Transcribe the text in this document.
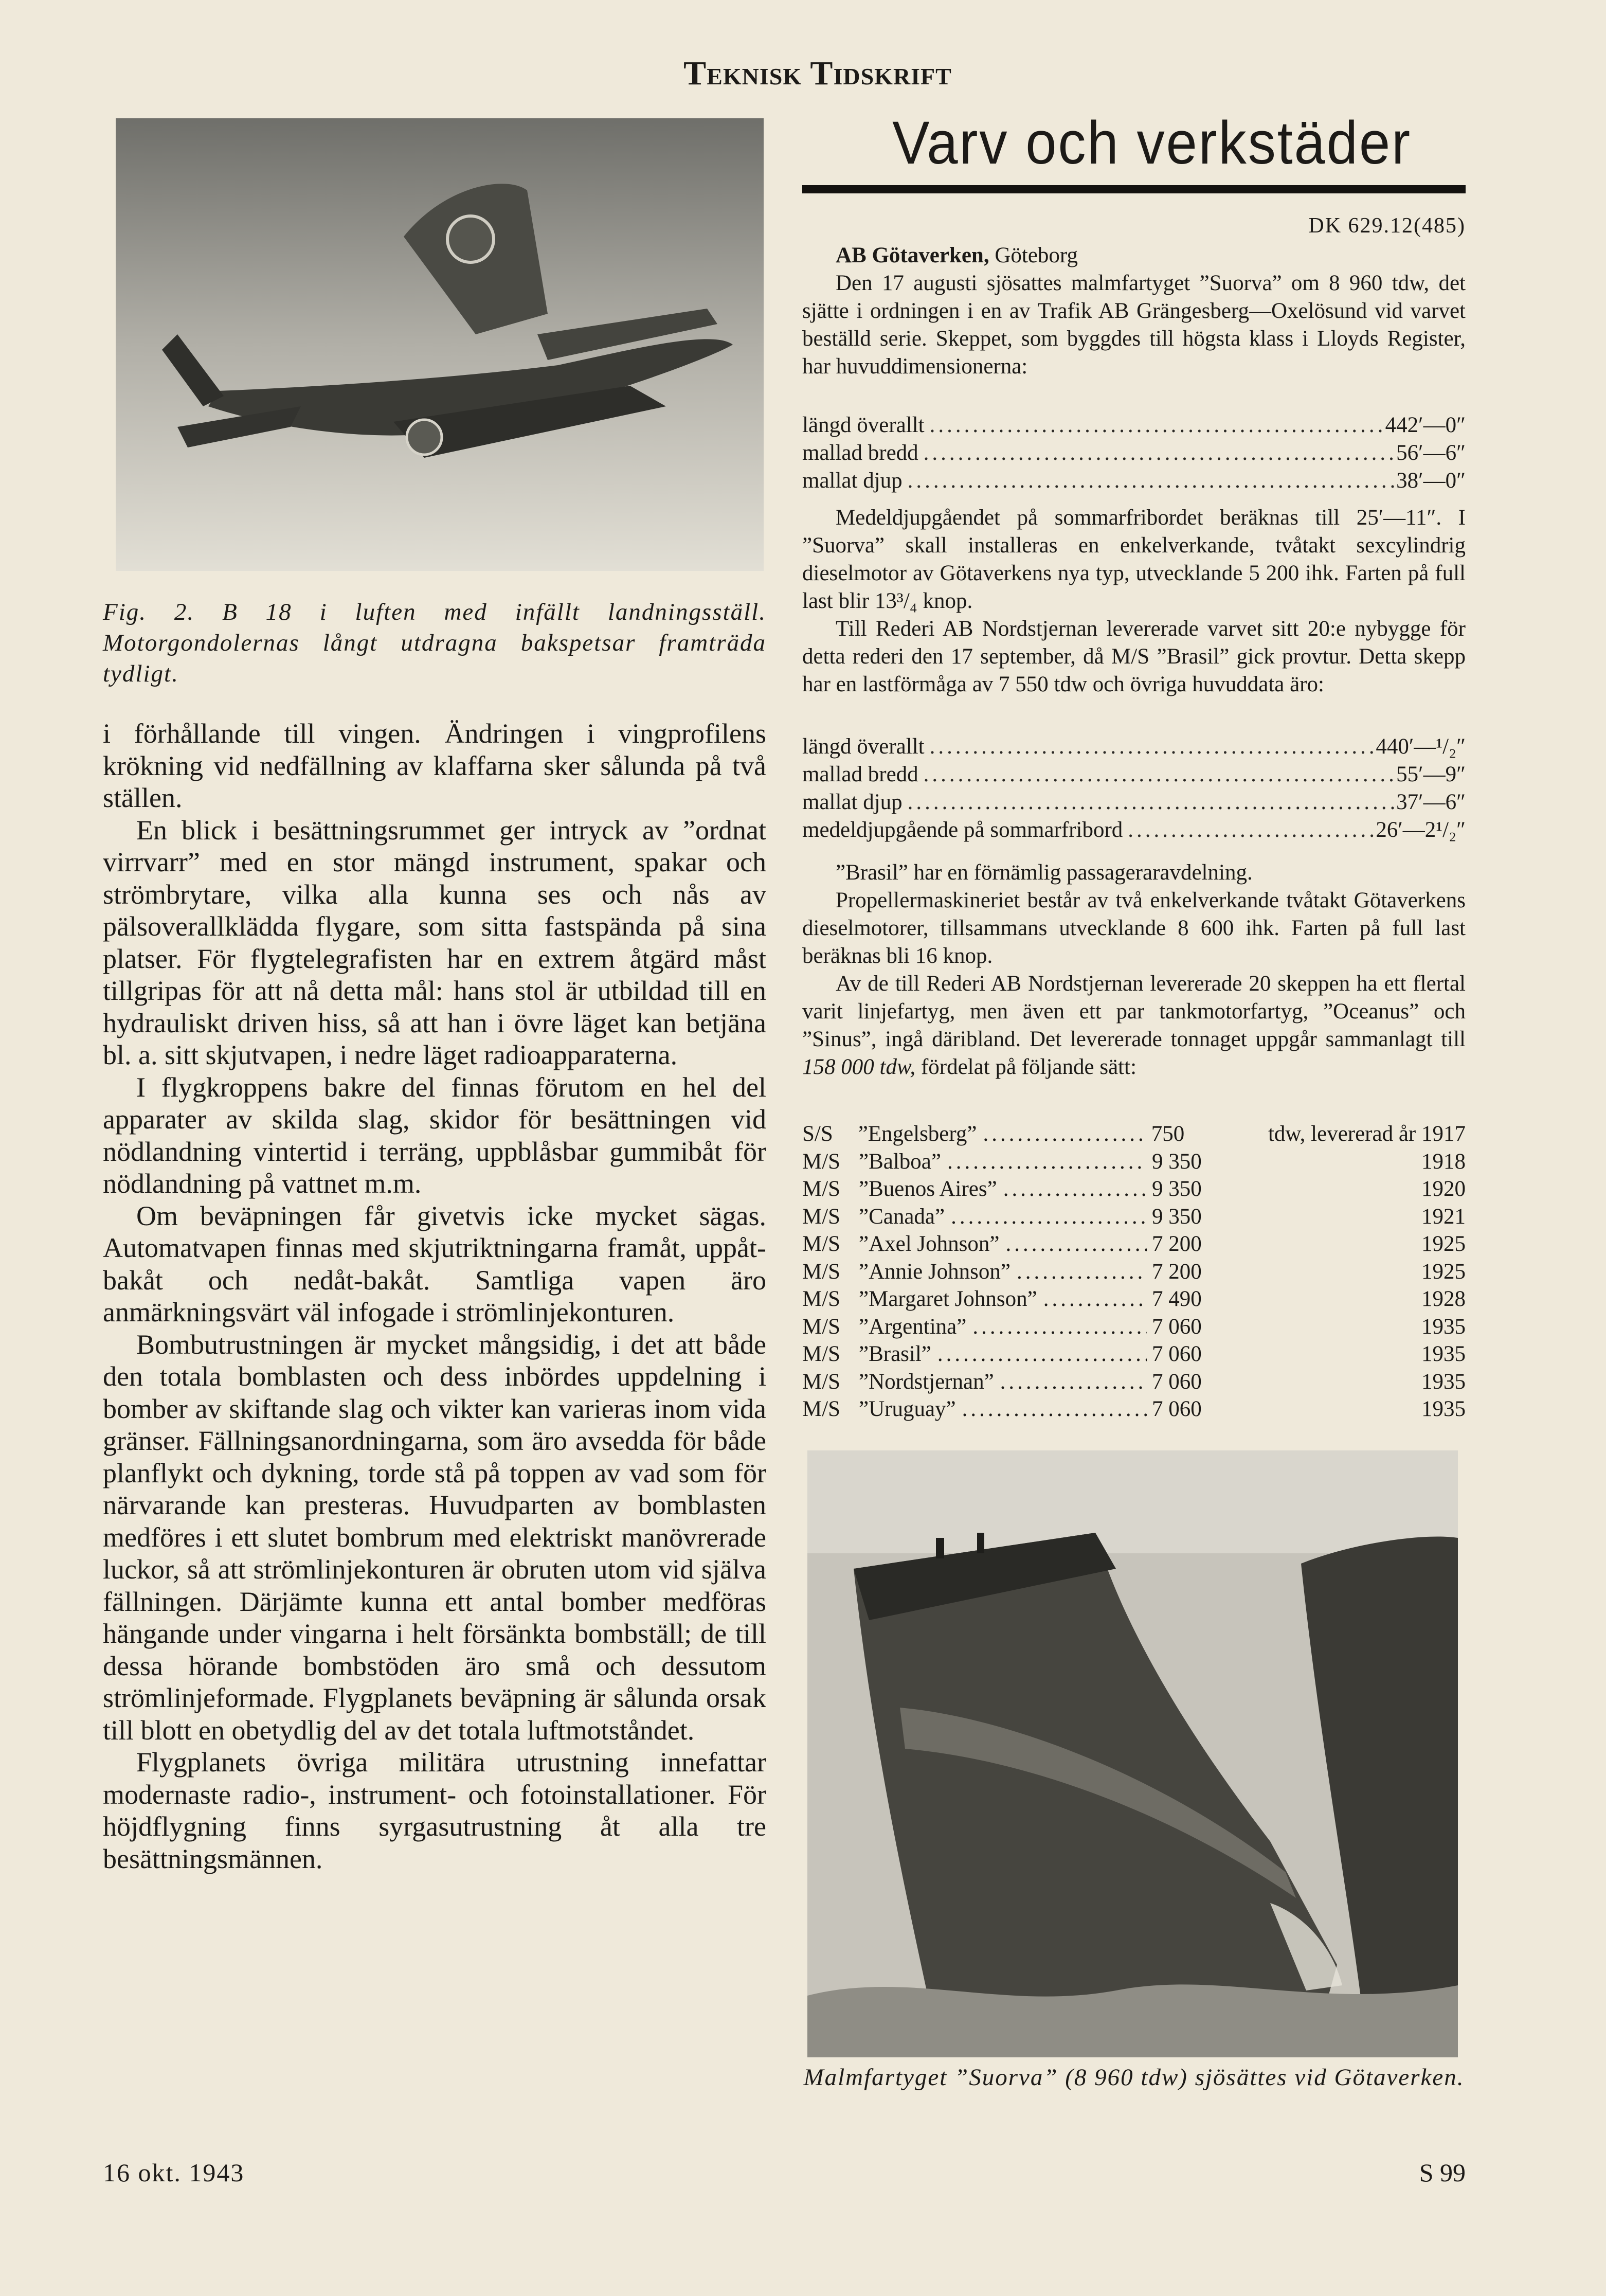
Teknisk Tidskrift
Varv och verkstäder
Fig. 2. B 18 i luften med infällt landningsställ. Motorgondolernas långt utdragna bakspetsar framträda tydligt.

i förhållande till vingen. Ändringen i vingprofilens krökning vid nedfällning av klaffarna sker sålunda på två ställen.

En blick i besättningsrummet ger intryck av ”ordnat virrvarr” med en stor mängd instrument, spakar och strömbrytare, vilka alla kunna ses och nås av pälsoverallklädda flygare, som sitta fastspända på sina platser. För flygtelegrafisten har en extrem åtgärd måst tillgripas för att nå detta mål: hans stol är utbildad till en hydrauliskt driven hiss, så att han i övre läget kan betjäna bl. a. sitt skjutvapen, i nedre läget radioapparaterna.

I flygkroppens bakre del finnas förutom en hel del apparater av skilda slag, skidor för besättningen vid nödlandning vintertid i terräng, uppblåsbar gummibåt för nödlandning på vattnet m.m.

Om beväpningen får givetvis icke mycket sägas. Automatvapen finnas med skjutriktningarna framåt, uppåt-bakåt och nedåt-bakåt. Samtliga vapen äro anmärkningsvärt väl infogade i strömlinjekonturen.

Bombutrustningen är mycket mångsidig, i det att både den totala bomblasten och dess inbördes uppdelning i bomber av skiftande slag och vikter kan varieras inom vida gränser. Fällningsanordningarna, som äro avsedda för både planflykt och dykning, torde stå på toppen av vad som för närvarande kan presteras. Huvudparten av bomblasten medföres i ett slutet bombrum med elektriskt manövrerade luckor, så att strömlinjekonturen är obruten utom vid själva fällningen. Därjämte kunna ett antal bomber medföras hängande under vingarna i helt försänkta bombställ; de till dessa hörande bombstöden äro små och dessutom strömlinjeformade. Flygplanets beväpning är sålunda orsak till blott en obetydlig del av det totala luftmotståndet.

Flygplanets övriga militära utrustning innefattar modernaste radio-, instrument- och fotoinstallationer. För höjdflygning finns syrgasutrustning åt alla tre besättningsmännen.

DK 629.12(485)

AB Götaverken, Göteborg

Den 17 augusti sjösattes malmfartyget ”Suorva” om 8 960 tdw, det sjätte i ordningen i en av Trafik AB Grängesberg—Oxelösund vid varvet beställd serie. Skeppet, som byggdes till högsta klass i Lloyds Register, har huvuddimensionerna:

längd överallt .....	442′—0″
mallad bredd .....	56′—6″
mallat djup .....	38′—0″

Medeldjupgåendet på sommarfribordet beräknas till 25′—11″. I ”Suorva” skall installeras en enkelverkande, tvåtakt sexcylindrig dieselmotor av Götaverkens nya typ, utvecklande 5 200 ihk. Farten på full last blir 13³/₄ knop.

Till Rederi AB Nordstjernan levererade varvet sitt 20:e nybygge för detta rederi den 17 september, då M/S ”Brasil” gick provtur. Detta skepp har en lastförmåga av 7 550 tdw och övriga huvuddata äro:

längd överallt .....	440′—¹/₂″
mallad bredd .....	55′—9″
mallat djup .....	37′—6″
medeldjupgående på sommarfribord .....	26′—2¹/₂″

”Brasil” har en förnämlig passageraravdelning.

Propellermaskineriet består av två enkelverkande tvåtakt Götaverkens dieselmotorer, tillsammans utvecklande 8 600 ihk. Farten på full last beräknas bli 16 knop.

Av de till Rederi AB Nordstjernan levererade 20 skeppen ha ett flertal varit linjefartyg, men även ett par tankmotorfartyg, ”Oceanus” och ”Sinus”, ingå däribland. Det levererade tonnaget uppgår sammanlagt till 158 000 tdw, fördelat på följande sätt:

S/S	”Engelsberg” .....	750	tdw, levererad år 1917
M/S ”Balboa” .....	9 350	1918
M/S ”Buenos Aires” .....	9 350	1920
M/S ”Canada” .....	9 350	1921
M/S ”Axel Johnson” .....	7 200	1925
M/S ”Annie Johnson” .....	7 200	1925
M/S ”Margaret Johnson” .....	7 490	1928
M/S ”Argentina” .....	7 060	1935
M/S ”Brasil” .....	7 060	1935
M/S ”Nordstjernan” .....	7 060	1935
M/S ”Uruguay” .....	7 060	1935
Malmfartyget ”Suorva” (8 960 tdw) sjösättes vid Götaverken.
16 okt. 1943	S 99
